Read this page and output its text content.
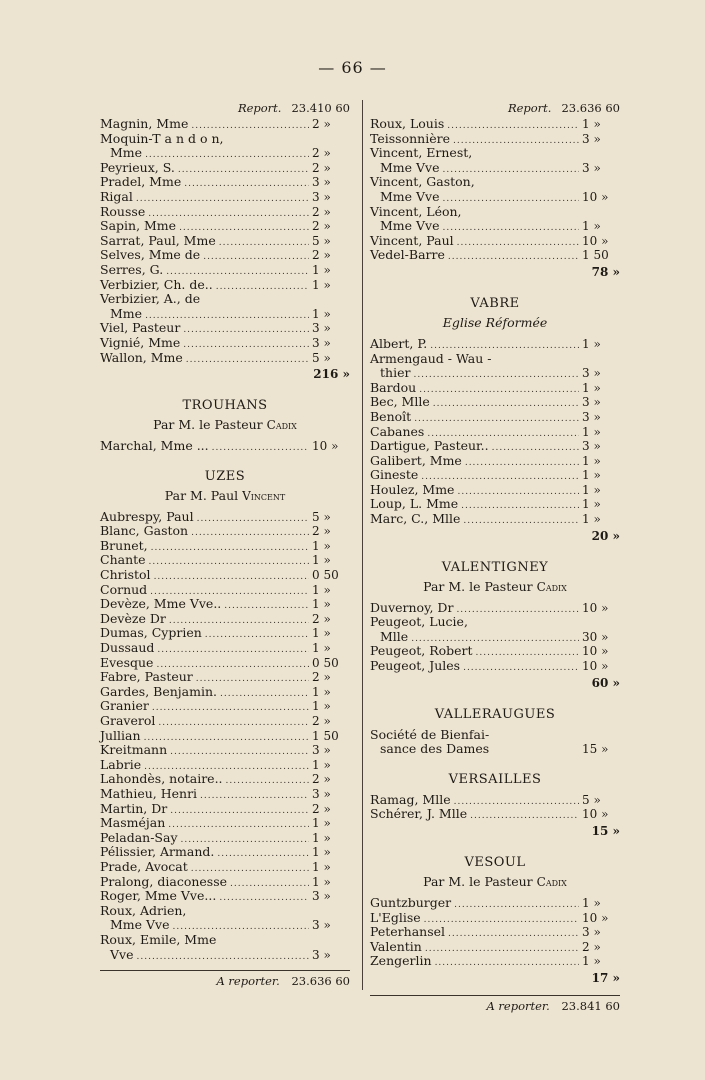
— 66 —
Report. 23.410 60
Magnin, Mme .....	2 »
Moquin-T a n d o n,
Mme .....	2 »
Peyrieux, S. .....	2 »
Pradel, Mme .....	3 »
Rigal .....	3 »
Rousse .....	2 »
Sapin, Mme .....	2 »
Sarrat, Paul, Mme .....	5 »
Selves, Mme de .....	2 »
Serres, G. .....	1 »
Verbizier, Ch. de.. .....	1 »
Verbizier, A., de
Mme .....	1 »
Viel, Pasteur .....	3 »
Vignié, Mme .....	3 »
Wallon, Mme .....	5 »
216 »
TROUHANS
Par M. le Pasteur Cadix
Marchal, Mme ... .....	10 »
UZES
Par M. Paul Vincent
Aubrespy, Paul .....	5 »
Blanc, Gaston .....	2 »
Brunet, .....	1 »
Chante .....	1 »
Christol .....	0 50
Cornud .....	1 »
Devèze, Mme Vve.. .....	1 »
Devèze Dr .....	2 »
Dumas, Cyprien .....	1 »
Dussaud .....	1 »
Evesque .....	0 50
Fabre, Pasteur .....	2 »
Gardes, Benjamin. .....	1 »
Granier .....	1 »
Graverol .....	2 »
Jullian .....	1 50
Kreitmann .....	3 »
Labrie .....	1 »
Lahondès, notaire.. .....	2 »
Mathieu, Henri .....	3 »
Martin, Dr .....	2 »
Masméjan .....	1 »
Peladan-Say .....	1 »
Pélissier, Armand. .....	1 »
Prade, Avocat .....	1 »
Pralong, diaconesse .....	1 »
Roger, Mme Vve... .....	3 »
Roux, Adrien,
Mme Vve .....	3 »
Roux, Emile, Mme
Vve .....	3 »
A reporter. 23.636 60
Report. 23.636 60
Roux, Louis .....	1 »
Teissonnière .....	3 »
Vincent, Ernest,
Mme Vve .....	3 »
Vincent, Gaston,
Mme Vve .....	10 »
Vincent, Léon,
Mme Vve .....	1 »
Vincent, Paul .....	10 »
Vedel-Barre .....	1 50
78 »
VABRE
Eglise Réformée
Albert, P. .....	1 »
Armengaud - Wau -
thier .....	3 »
Bardou .....	1 »
Bec, Mlle .....	3 »
Benoît .....	3 »
Cabanes .....	1 »
Dartigue, Pasteur.. .....	3 »
Galibert, Mme .....	1 »
Gineste .....	1 »
Houlez, Mme .....	1 »
Loup, L. Mme .....	1 »
Marc, C., Mlle .....	1 »
20 »
VALENTIGNEY
Par M. le Pasteur Cadix
Duvernoy, Dr .....	10 »
Peugeot, Lucie,
Mlle .....	30 »
Peugeot, Robert .....	10 »
Peugeot, Jules .....	10 »
60 »
VALLERAUGUES
Société de Bienfai-
sance des Dames	15 »
VERSAILLES
Ramag, Mlle .....	5 »
Schérer, J. Mlle .....	10 »
15 »
VESOUL
Par M. le Pasteur Cadix
Guntzburger .....	1 »
L'Eglise .....	10 »
Peterhansel .....	3 »
Valentin .....	2 »
Zengerlin .....	1 »
17 »
A reporter. 23.841 60
